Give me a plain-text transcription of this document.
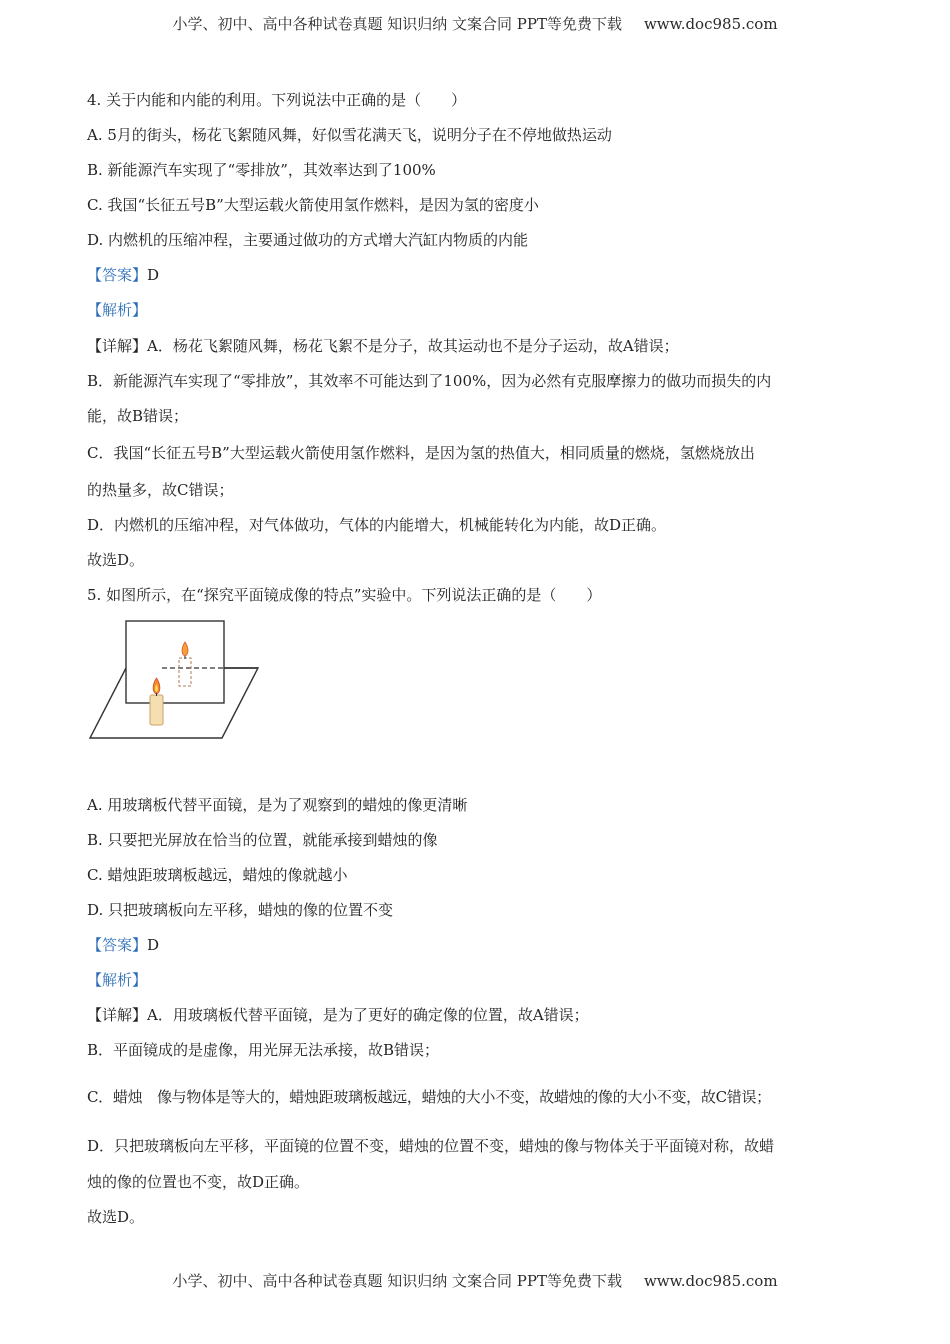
小学、初中、高中各种试卷真题 知识归纳 文案合同 PPT等免费下载 www.doc985.com
4. 关于内能和内能的利用。下列说法中正确的是（　　）
A. 5月的街头，杨花飞絮随风舞，好似雪花满天飞，说明分子在不停地做热运动
B. 新能源汽车实现了“零排放”，其效率达到了100%
C. 我国“长征五号B”大型运载火箭使用氢作燃料，是因为氢的密度小
D. 内燃机的压缩冲程，主要通过做功的方式增大汽缸内物质的内能
【答案】D
【解析】
【详解】A．杨花飞絮随风舞，杨花飞絮不是分子，故其运动也不是分子运动，故A错误；
B．新能源汽车实现了“零排放”，其效率不可能达到了100%，因为必然有克服摩擦力的做功而损失的内
能，故B错误；
C．我国“长征五号B”大型运载火箭使用氢作燃料，是因为氢的热值大，相同质量的燃烧，氢燃烧放出
的热量多，故C错误；
D．内燃机的压缩冲程，对气体做功，气体的内能增大，机械能转化为内能，故D正确。
故选D。
5. 如图所示，在“探究平面镜成像的特点”实验中。下列说法正确的是（　　）
A. 用玻璃板代替平面镜，是为了观察到的蜡烛的像更清晰
B. 只要把光屏放在恰当的位置，就能承接到蜡烛的像
C. 蜡烛距玻璃板越远，蜡烛的像就越小
D. 只把玻璃板向左平移，蜡烛的像的位置不变
【答案】D
【解析】
【详解】A．用玻璃板代替平面镜，是为了更好的确定像的位置，故A错误；
B．平面镜成的是虚像，用光屏无法承接，故B错误；
C．蜡烛　像与物体是等大的，蜡烛距玻璃板越远，蜡烛的大小不变，故蜡烛的像的大小不变，故C错误；
D．只把玻璃板向左平移，平面镜的位置不变，蜡烛的位置不变，蜡烛的像与物体关于平面镜对称，故蜡
烛的像的位置也不变，故D正确。
故选D。
小学、初中、高中各种试卷真题 知识归纳 文案合同 PPT等免费下载 www.doc985.com
